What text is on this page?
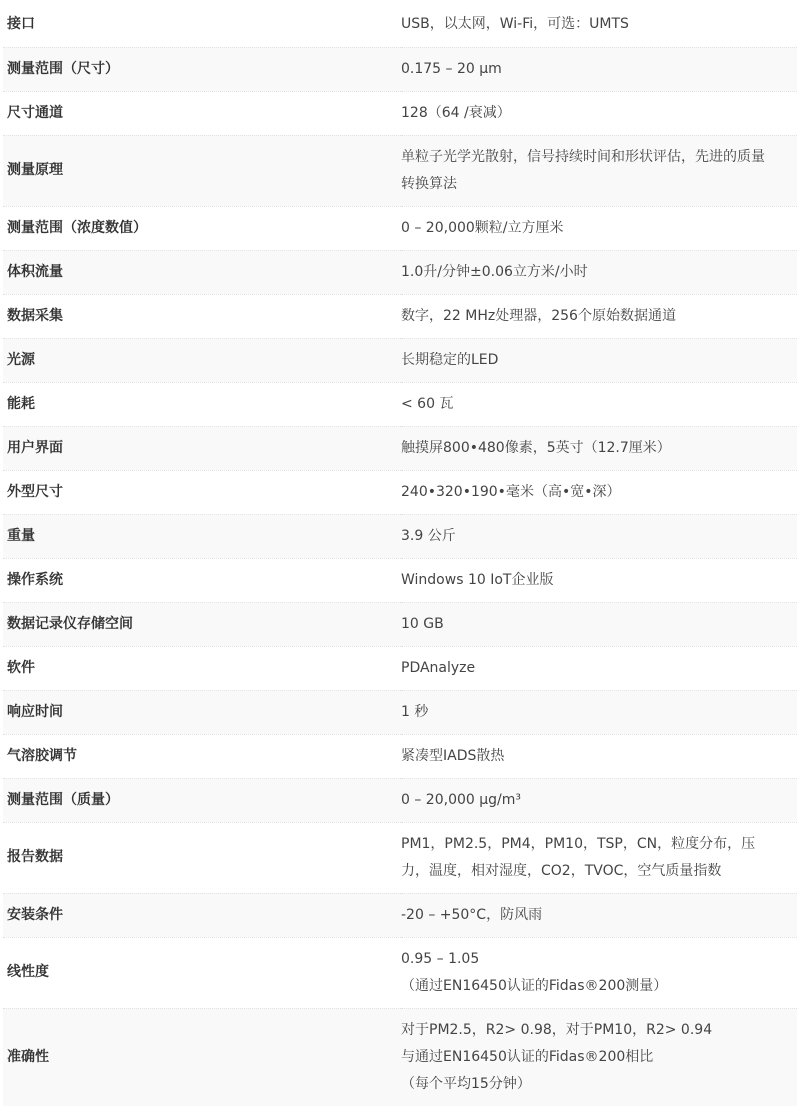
接口	USB，以太网，Wi-Fi，可选：UMTS

测量范围（尺寸）	0.175 – 20 μm

尺寸通道	128（64 /衰减）

测量原理	单粒子光学光散射，信号持续时间和形状评估，先进的质量
转换算法

测量范围（浓度数值）	0 – 20,000颗粒/立方厘米

体积流量	1.0升/分钟±0.06立方米/小时

数据采集	数字，22 MHz处理器，256个原始数据通道

光源	长期稳定的LED

能耗	< 60 瓦

用户界面	触摸屏800•480像素，5英寸（12.7厘米）

外型尺寸	240•320•190•毫米（高•宽•深）

重量	3.9 公斤

操作系统	Windows 10 IoT企业版

数据记录仪存储空间	10 GB

软件	PDAnalyze

响应时间	1 秒

气溶胶调节	紧凑型IADS散热

测量范围（质量）	0 – 20,000 μg/m³

报告数据	PM1，PM2.5，PM4，PM10，TSP，CN，粒度分布，压
力，温度，相对湿度，CO2，TVOC，空气质量指数

安装条件	-20 – +50°C，防风雨

线性度	0.95 – 1.05
（通过EN16450认证的Fidas®200测量）

准确性	对于PM2.5，R2> 0.98，对于PM10，R2> 0.94
与通过EN16450认证的Fidas®200相比
（每个平均15分钟）
